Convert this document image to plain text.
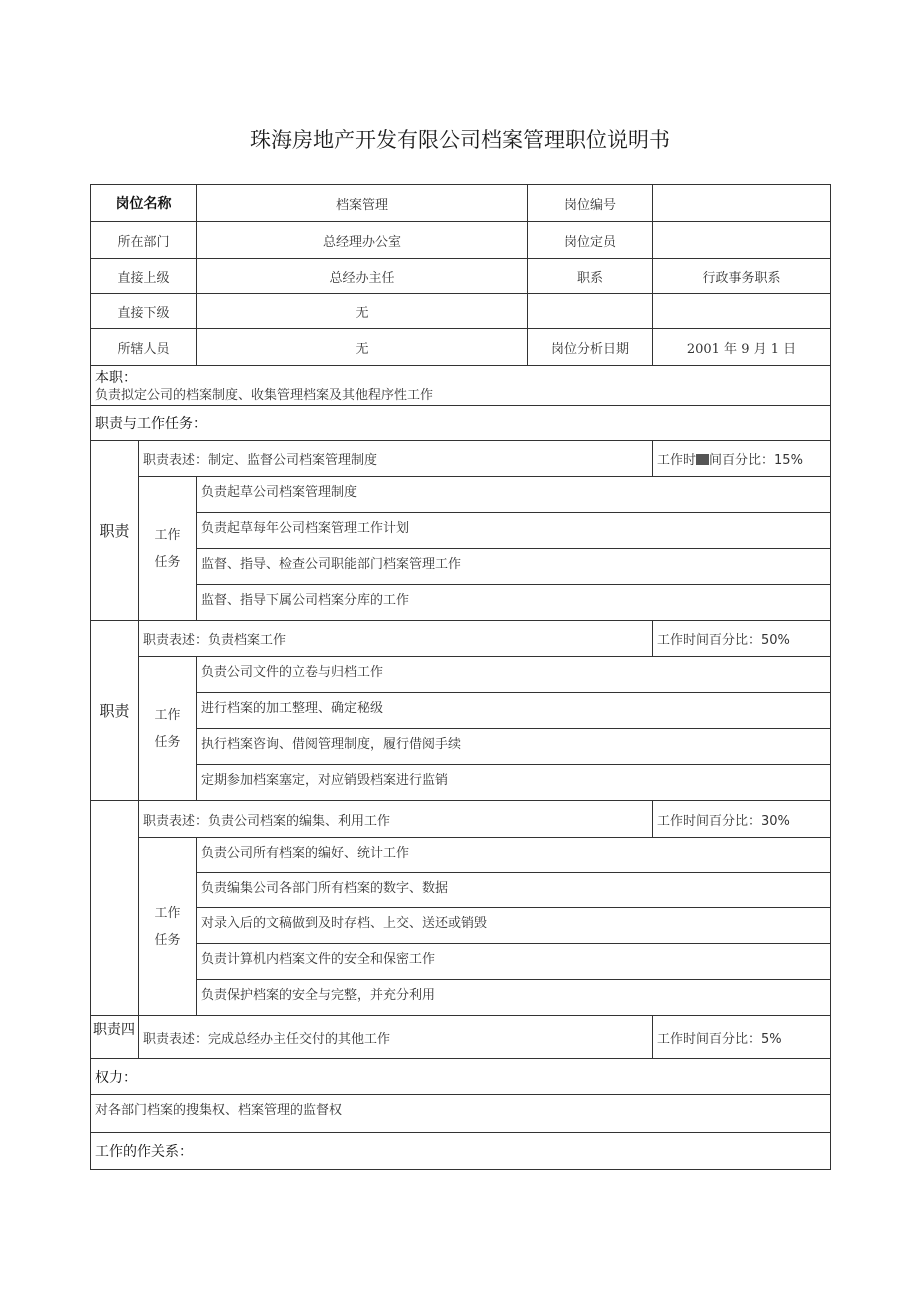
珠海房地产开发有限公司档案管理职位说明书
岗位名称		档案管理	岗位编号	
所在部门		总经理办公室	岗位定员	
直接上级		总经办主任	职系	行政事务职系
直接下级		无		
所辖人员		无	岗位分析日期	2001 年 9 月 1 日

本职：
负责拟定公司的档案制度、收集管理档案及其他程序性工作				

职责与工作任务：				
职责	职责表述：制定、监督公司档案管理制度			工作时 间百分比：15%
	工作
任务	负责起草公司档案管理制度		
		负责起草每年公司档案管理工作计划		
		监督、指导、检查公司职能部门档案管理工作		
		监督、指导下属公司档案分库的工作		
职责	职责表述：负责档案工作			工作时间百分比：50%
	工作
任务	负责公司文件的立卷与归档工作		
		进行档案的加工整理、确定秘级		
		执行档案咨询、借阅管理制度，履行借阅手续		
		定期参加档案塞定，对应销毁档案进行监销		
	职责表述：负责公司档案的编集、利用工作			工作时间百分比：30%
	工作
任务	负责公司所有档案的编好、统计工作		
		负责编集公司各部门所有档案的数字、数据		
		对录入后的文稿做到及时存档、上交、送还或销毁		
		负责计算机内档案文件的安全和保密工作		
		负责保护档案的安全与完整，并充分利用		
职责四	职责表述：完成总经办主任交付的其他工作			工作时间百分比：5%
权力：				
对各部门档案的搜集权、档案管理的监督权				
工作的作关系：				
